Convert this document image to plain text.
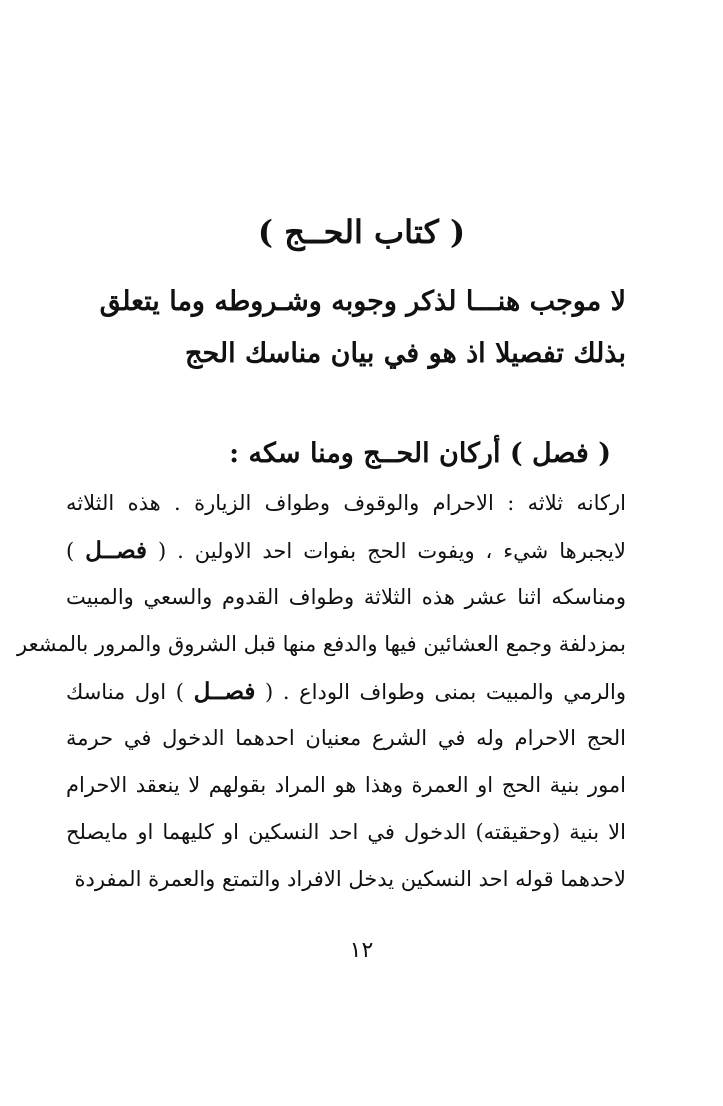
( كتاب الحــج )
لا موجب هنـــا لذكر وجوبه وشـروطه وما يتعلق
بذلك تفصيلا اذ هو في بيان مناسك الحج
( فصل ) أركان الحــج ومنا سكه :
اركانه ثلاثه : الاحرام والوقوف وطواف الزيارة . هذه الثلاثه
لايجبرها شيء ، ويفوت الحج بفوات احد الاولين . ( فصــل )
ومناسكه اثنا عشر هذه الثلاثة وطواف القدوم والسعي والمبيت
بمزدلفة وجمع العشائين فيها والدفع منها قبل الشروق والمرور بالمشعر
والرمي والمبيت بمنى وطواف الوداع . ( فصــل ) اول مناسك
الحج الاحرام وله في الشرع معنيان احدهما الدخول في حرمة
امور بنية الحج او العمرة وهذا هو المراد بقولهم لا ينعقد الاحرام
الا بنية (وحقيقته) الدخول في احد النسكين او كليهما او مايصلح
لاحدهما قوله احد النسكين يدخل الافراد والتمتع والعمرة المفردة
١٢
